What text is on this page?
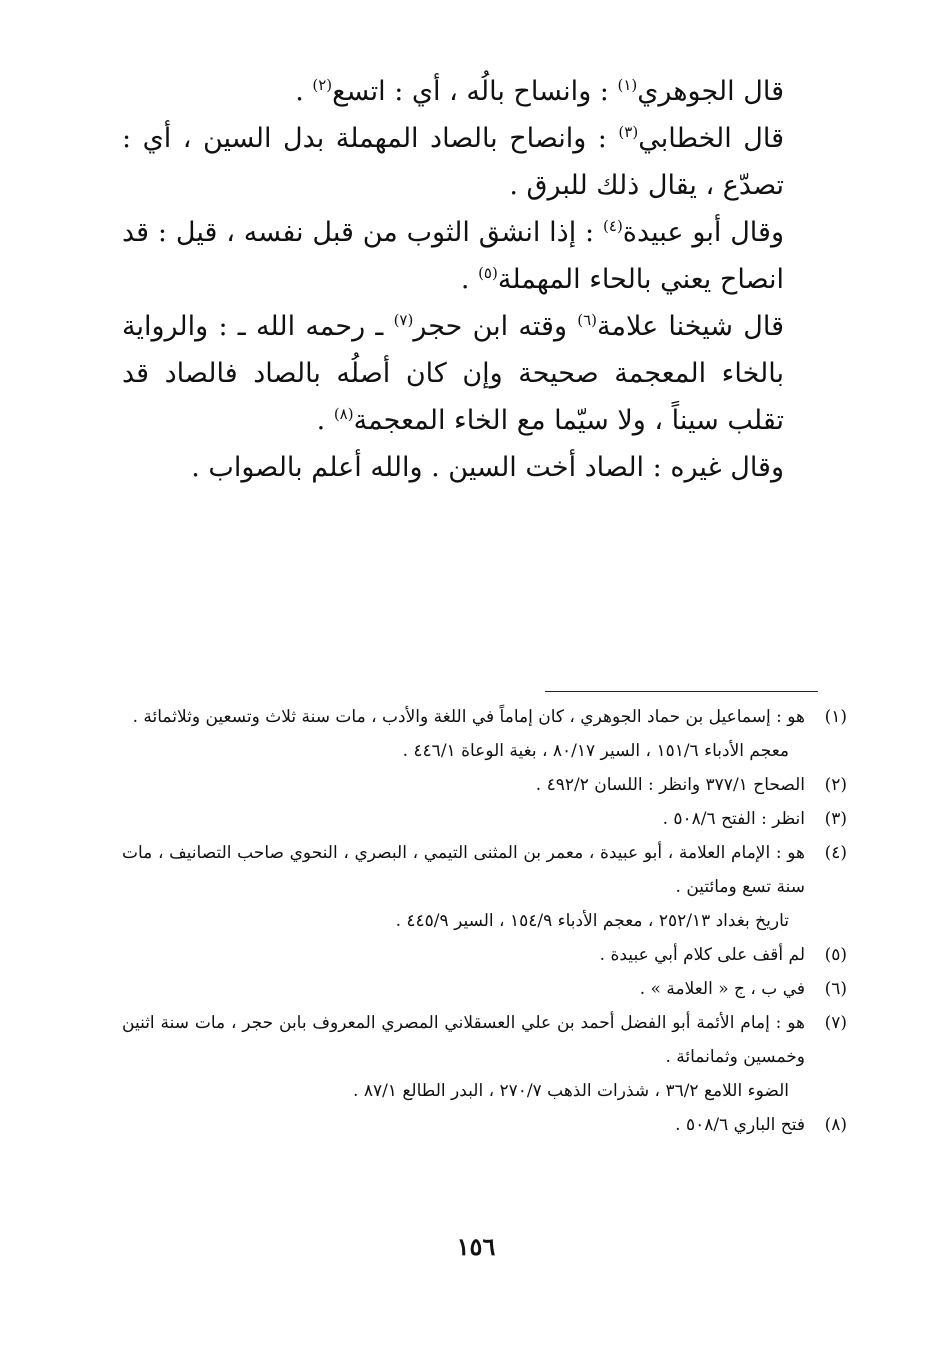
قال الجوهري$^{(١)}$ : وانساح بالُه ، أي : اتسع$^{(٢)}$ .

قال الخطابي$^{(٣)}$ : وانصاح بالصاد المهملة بدل السين ، أي : تصدّع ، يقال ذلك للبرق .

وقال أبو عبيدة$^{(٤)}$ : إذا انشق الثوب من قبل نفسه ، قيل : قد انصاح يعني بالحاء المهملة$^{(٥)}$ .

قال شيخنا علامة$^{(٦)}$ وقته ابن حجر$^{(٧)}$ ـ رحمه الله ـ : والرواية بالخاء المعجمة صحيحة وإن كان أصلُه بالصاد فالصاد قد تقلب سيناً ، ولا سيّما مع الخاء المعجمة$^{(٨)}$ .

وقال غيره : الصاد أخت السين . والله أعلم بالصواب .

(١)
هو : إسماعيل بن حماد الجوهري ، كان إماماً في اللغة والأدب ، مات سنة ثلاث وتسعين وثلاثمائة .
معجم الأدباء ١٥١/٦ ، السير ٨٠/١٧ ، بغية الوعاة ٤٤٦/١ .
(٢)
الصحاح ٣٧٧/١ وانظر : اللسان ٤٩٢/٢ .
(٣)
انظر : الفتح ٥٠٨/٦ .
(٤)
هو : الإمام العلامة ، أبو عبيدة ، معمر بن المثنى التيمي ، البصري ، النحوي صاحب التصانيف ، مات سنة تسع ومائتين .
تاريخ بغداد ٢٥٢/١٣ ، معجم الأدباء ١٥٤/٩ ، السير ٤٤٥/٩ .
(٥)
لم أقف على كلام أبي عبيدة .
(٦)
في ب ، ج « العلامة » .
(٧)
هو : إمام الأئمة أبو الفضل أحمد بن علي العسقلاني المصري المعروف بابن حجر ، مات سنة اثنين وخمسين وثمانمائة .
الضوء اللامع ٣٦/٢ ، شذرات الذهب ٢٧٠/٧ ، البدر الطالع ٨٧/١ .
(٨)
فتح الباري ٥٠٨/٦ .
١٥٦
